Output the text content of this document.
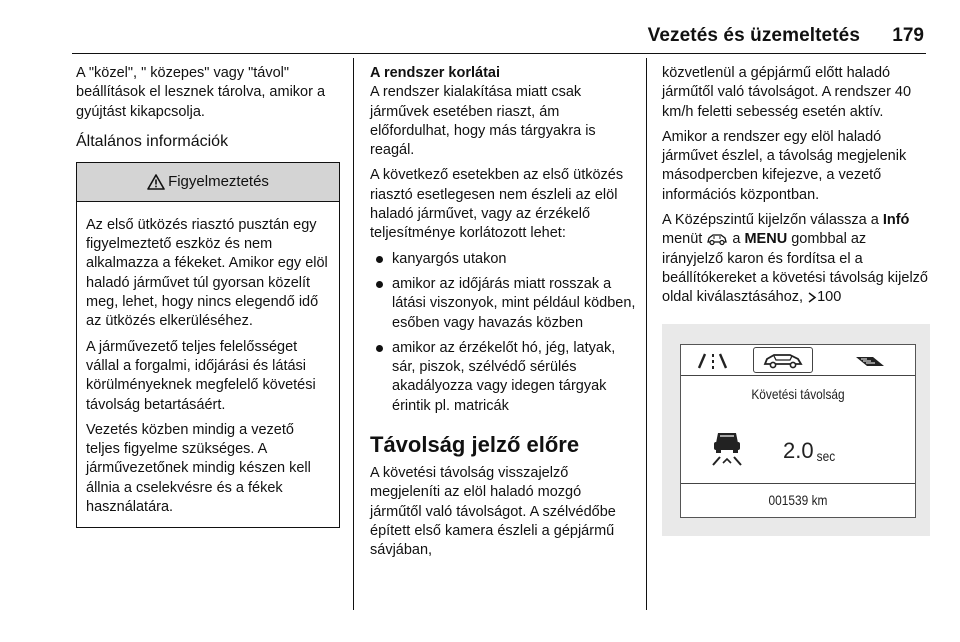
Vezetés és üzemeltetés 179

A "közel", " közepes" vagy "távol" beállítások el lesznek tárolva, amikor a gyújtást kikapcsolja.

Általános információk
Figyelmeztetés

Az első ütközés riasztó pusztán egy figyelmeztető eszköz és nem alkalmazza a fékeket. Amikor egy elöl haladó járművet túl gyorsan közelít meg, lehet, hogy nincs elegendő idő az ütközés elkerüléséhez.

A járművezető teljes felelősséget vállal a forgalmi, időjárási és látási körülményeknek megfelelő követési távolság betartásáért.

Vezetés közben mindig a vezető teljes figyelme szükséges. A járművezetőnek mindig készen kell állnia a cselekvésre és a fékek használatára.

A rendszer korlátai

A rendszer kialakítása miatt csak járművek esetében riaszt, ám előfordulhat, hogy más tárgyakra is reagál.

A következő esetekben az első ütközés riasztó esetlegesen nem észleli az elöl haladó járművet, vagy az érzékelő teljesítménye korlátozott lehet:

kanyargós utakon
amikor az időjárás miatt rosszak a látási viszonyok, mint például ködben, esőben vagy havazás közben
amikor az érzékelőt hó, jég, latyak, sár, piszok, szélvédő sérülés akadályozza vagy idegen tárgyak érintik pl. matricák
Távolság jelző előre

A követési távolság visszajelző megjeleníti az elöl haladó mozgó járműtől való távolságot. A szélvédőbe épített első kamera észleli a gépjármű sávjában,

közvetlenül a gépjármű előtt haladó járműtől való távolságot. A rendszer 40 km/h feletti sebesség esetén aktív.

Amikor a rendszer egy elöl haladó járművet észlel, a távolság megjelenik másodpercben kifejezve, a vezető információs központban.

A Középszintű kijelzőn válassza a Infó menüt  a MENU gombbal az irányjelző karon és fordítsa el a beállítókereket a követési távolság kijelző oldal kiválasztásához, 100

Követési távolság
2.0 sec
001539 km
